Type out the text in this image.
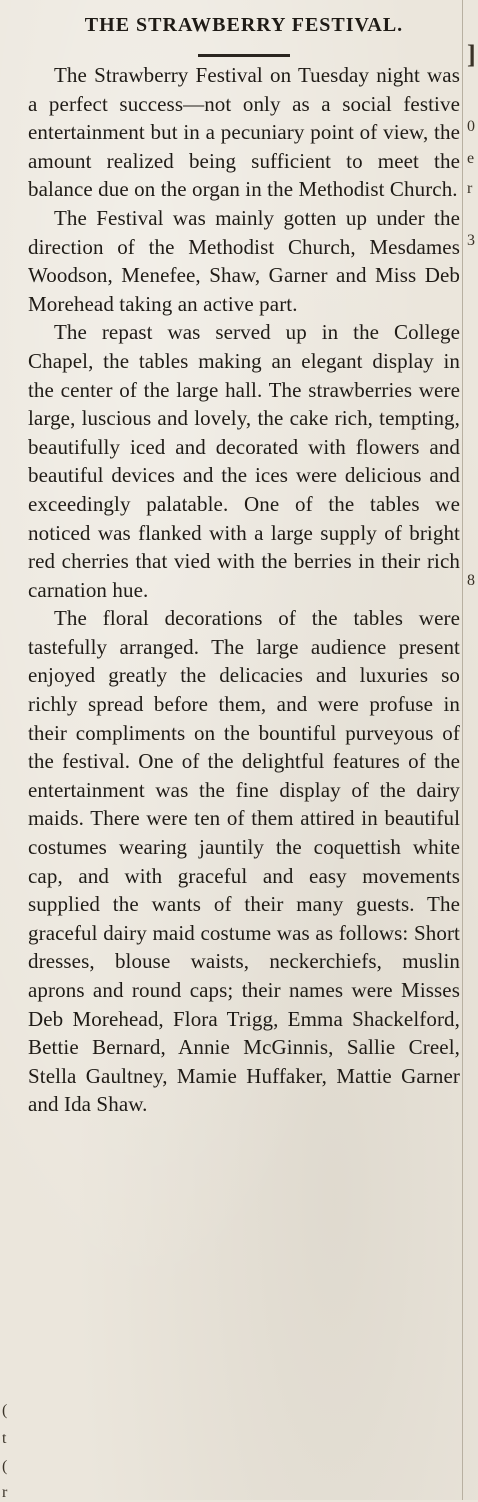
(
t
(
r
THE STRAWBERRY FESTIVAL.

The Strawberry Festival on Tuesday night was a perfect success—not only as a social festive entertainment but in a pecuniary point of view, the amount realized being sufficient to meet the balance due on the organ in the Methodist Church.

The Festival was mainly gotten up under the direction of the Methodist Church, Mesdames Woodson, Menefee, Shaw, Garner and Miss Deb Morehead taking an active part.

The repast was served up in the College Chapel, the tables making an elegant display in the center of the large hall. The strawberries were large, luscious and lovely, the cake rich, tempting, beautifully iced and decorated with flowers and beautiful devices and the ices were delicious and exceedingly palatable. One of the tables we noticed was flanked with a large supply of bright red cherries that vied with the berries in their rich carnation hue.

The floral decorations of the tables were tastefully arranged. The large audience present enjoyed greatly the delicacies and luxuries so richly spread before them, and were profuse in their compliments on the bountiful purveyous of the festival. One of the delightful features of the entertainment was the fine display of the dairy maids. There were ten of them attired in beautiful costumes wearing jauntily the coquettish white cap, and with graceful and easy movements supplied the wants of their many guests. The graceful dairy maid costume was as follows: Short dresses, blouse waists, neckerchiefs, muslin aprons and round caps; their names were Misses Deb Morehead, Flora Trigg, Emma Shackelford, Bettie Bernard, Annie McGinnis, Sallie Creel, Stella Gaultney, Mamie Huffaker, Mattie Garner and Ida Shaw.

]
e
r
3
8
0
